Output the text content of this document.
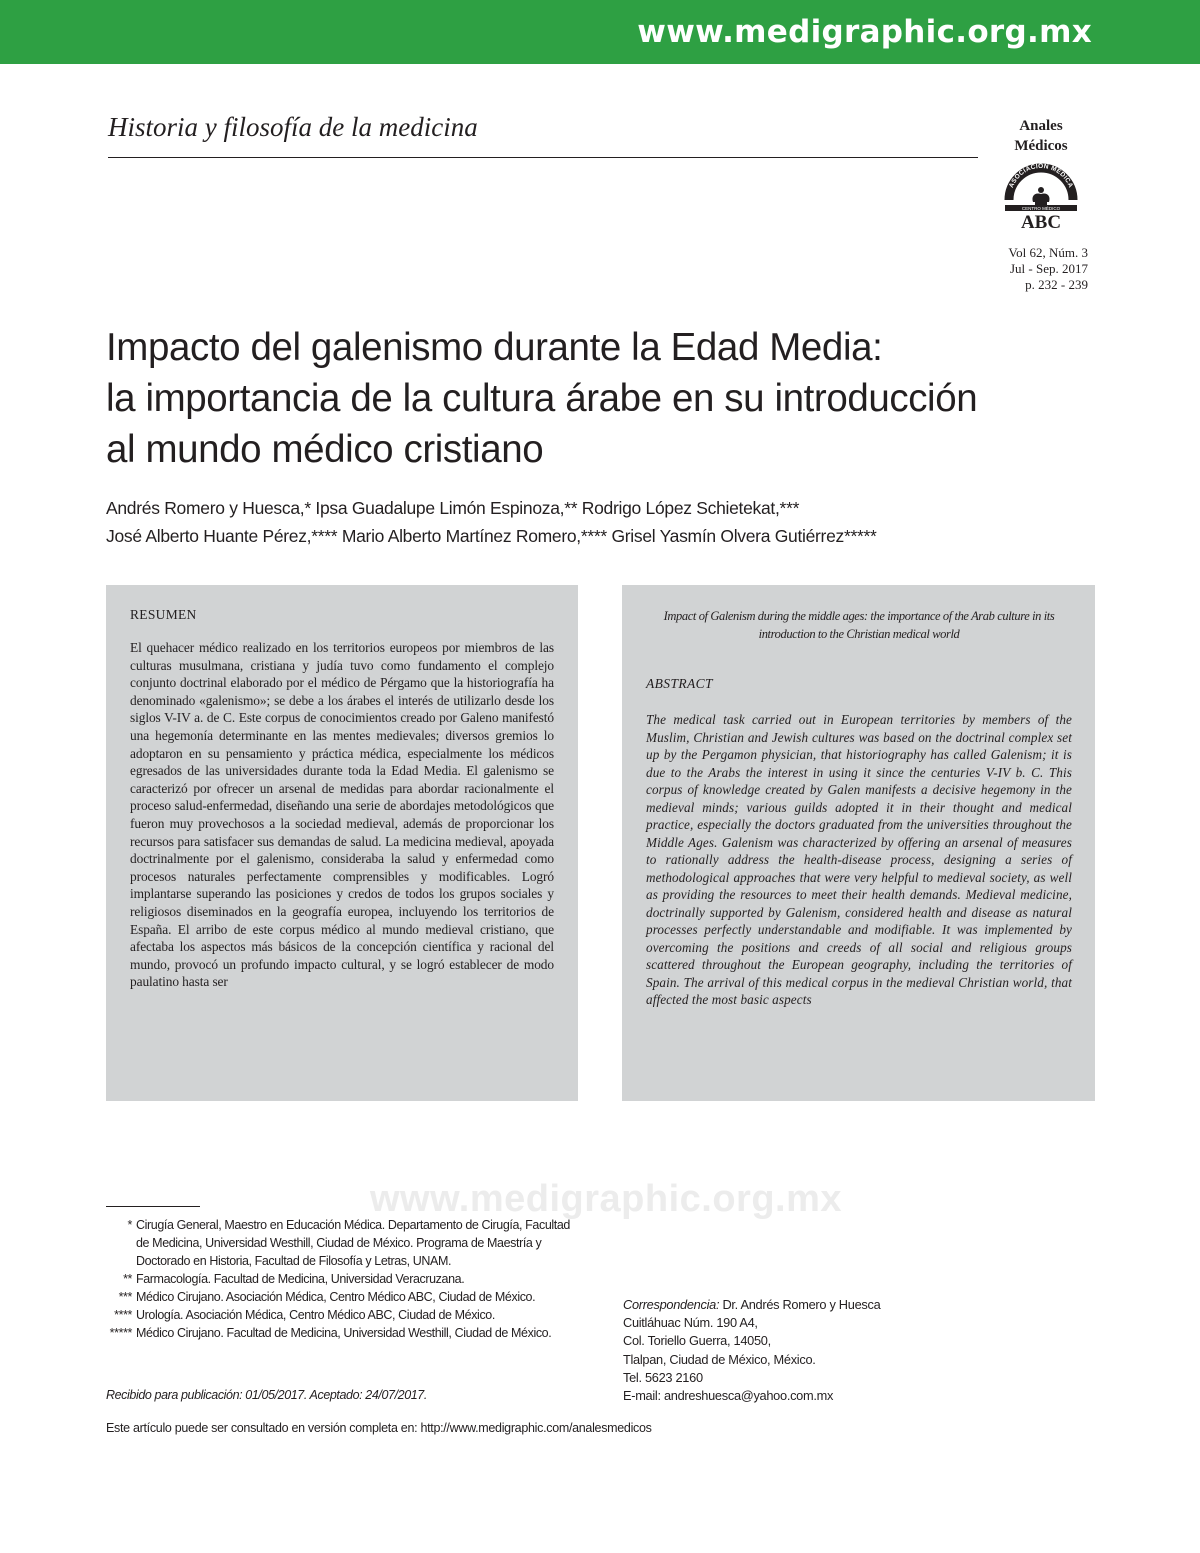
www.medigraphic.org.mx
Historia y filosofía de la medicina	Anales
Médicos
ASOCIACIÓN MÉDICA
CENTRO MÉDICO
ABC
Vol 62, Núm. 3
Jul - Sep. 2017
p. 232 - 239
Impacto del galenismo durante la Edad Media:
la importancia de la cultura árabe en su introducción
al mundo médico cristiano
Andrés Romero y Huesca,* Ipsa Guadalupe Limón Espinoza,** Rodrigo López Schietekat,***
José Alberto Huante Pérez,**** Mario Alberto Martínez Romero,**** Grisel Yasmín Olvera Gutiérrez*****
RESUMEN

El quehacer médico realizado en los territorios europeos por miembros de las culturas musulmana, cristiana y judía tuvo como fundamento el complejo conjunto doctrinal elaborado por el médico de Pérgamo que la historiografía ha denominado «galenismo»; se debe a los árabes el interés de utilizarlo desde los siglos V-IV a. de C. Este corpus de conocimientos creado por Galeno manifestó una hegemonía determinante en las mentes medievales; diversos gremios lo adoptaron en su pensamiento y práctica médica, especialmente los médicos egresados de las universidades durante toda la Edad Media. El galenismo se caracterizó por ofrecer un arsenal de medidas para abordar racionalmente el proceso salud-enfermedad, diseñando una serie de abordajes metodológicos que fueron muy provechosos a la sociedad medieval, además de proporcionar los recursos para satisfacer sus demandas de salud. La medicina medieval, apoyada doctrinalmente por el galenismo, consideraba la salud y enfermedad como procesos naturales perfectamente comprensibles y modificables. Logró implantarse superando las posiciones y credos de todos los grupos sociales y religiosos diseminados en la geografía europea, incluyendo los territorios de España. El arribo de este corpus médico al mundo medieval cristiano, que afectaba los aspectos más básicos de la concepción científica y racional del mundo, provocó un profundo impacto cultural, y se logró establecer de modo paulatino hasta ser

Impact of Galenism during the middle ages: the importance of the Arab culture in its introduction to the Christian medical world

ABSTRACT

The medical task carried out in European territories by members of the Muslim, Christian and Jewish cultures was based on the doctrinal complex set up by the Pergamon physician, that historiography has called Galenism; it is due to the Arabs the interest in using it since the centuries V-IV b. C. This corpus of knowledge created by Galen manifests a decisive hegemony in the medieval minds; various guilds adopted it in their thought and medical practice, especially the doctors graduated from the universities throughout the Middle Ages. Galenism was characterized by offering an arsenal of measures to rationally address the health-disease process, designing a series of methodological approaches that were very helpful to medieval society, as well as providing the resources to meet their health demands. Medieval medicine, doctrinally supported by Galenism, considered health and disease as natural processes perfectly understandable and modifiable. It was implemented by overcoming the positions and creeds of all social and religious groups scattered throughout the European geography, including the territories of Spain. The arrival of this medical corpus in the medieval Christian world, that affected the most basic aspects

www.medigraphic.org.mx
* Cirugía General, Maestro en Educación Médica. Departamento de Cirugía, Facultad de Medicina, Universidad Westhill, Ciudad de México. Programa de Maestría y Doctorado en Historia, Facultad de Filosofía y Letras, UNAM.
** Farmacología. Facultad de Medicina, Universidad Veracruzana.
*** Médico Cirujano. Asociación Médica, Centro Médico ABC, Ciudad de México.
**** Urología. Asociación Médica, Centro Médico ABC, Ciudad de México.
***** Médico Cirujano. Facultad de Medicina, Universidad Westhill, Ciudad de México.
Recibido para publicación: 01/05/2017. Aceptado: 24/07/2017.
Este artículo puede ser consultado en versión completa en: http://www.medigraphic.com/analesmedicos
Correspondencia: Dr. Andrés Romero y Huesca
Cuitláhuac Núm. 190 A4,
Col. Toriello Guerra, 14050,
Tlalpan, Ciudad de México, México.
Tel. 5623 2160
E-mail: andreshuesca@yahoo.com.mx
